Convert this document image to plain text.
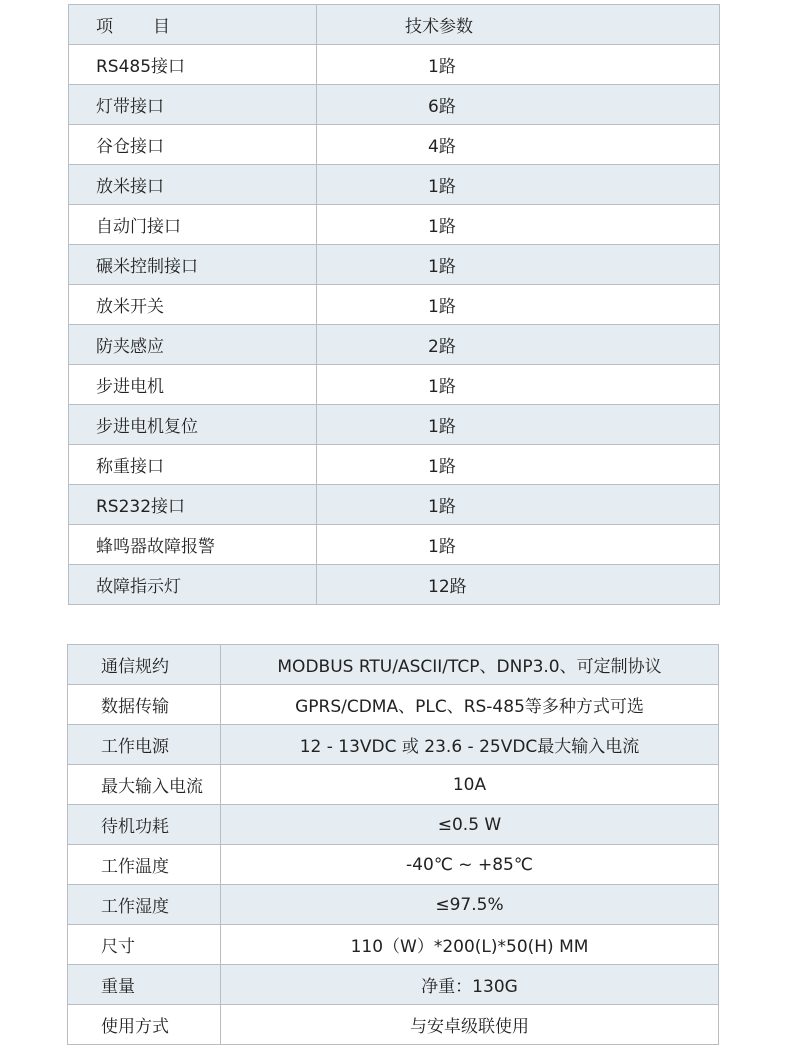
项 目	技术参数
RS485接口	1路
灯带接口	6路
谷仓接口	4路
放米接口	1路
自动门接口	1路
碾米控制接口	1路
放米开关	1路
防夹感应	2路
步进电机	1路
步进电机复位	1路
称重接口	1路
RS232接口	1路
蜂鸣器故障报警	1路
故障指示灯	12路
通信规约	MODBUS RTU/ASCII/TCP、DNP3.0、可定制协议
数据传输	GPRS/CDMA、PLC、RS-485等多种方式可选
工作电源	12 - 13VDC 或 23.6 - 25VDC最大输入电流
最大输入电流	10A
待机功耗	≤0.5 W
工作温度	-40℃ ~ +85℃
工作湿度	≤97.5%
尺寸	110（W）*200(L)*50(H) MM
重量	净重：130G
使用方式	与安卓级联使用
